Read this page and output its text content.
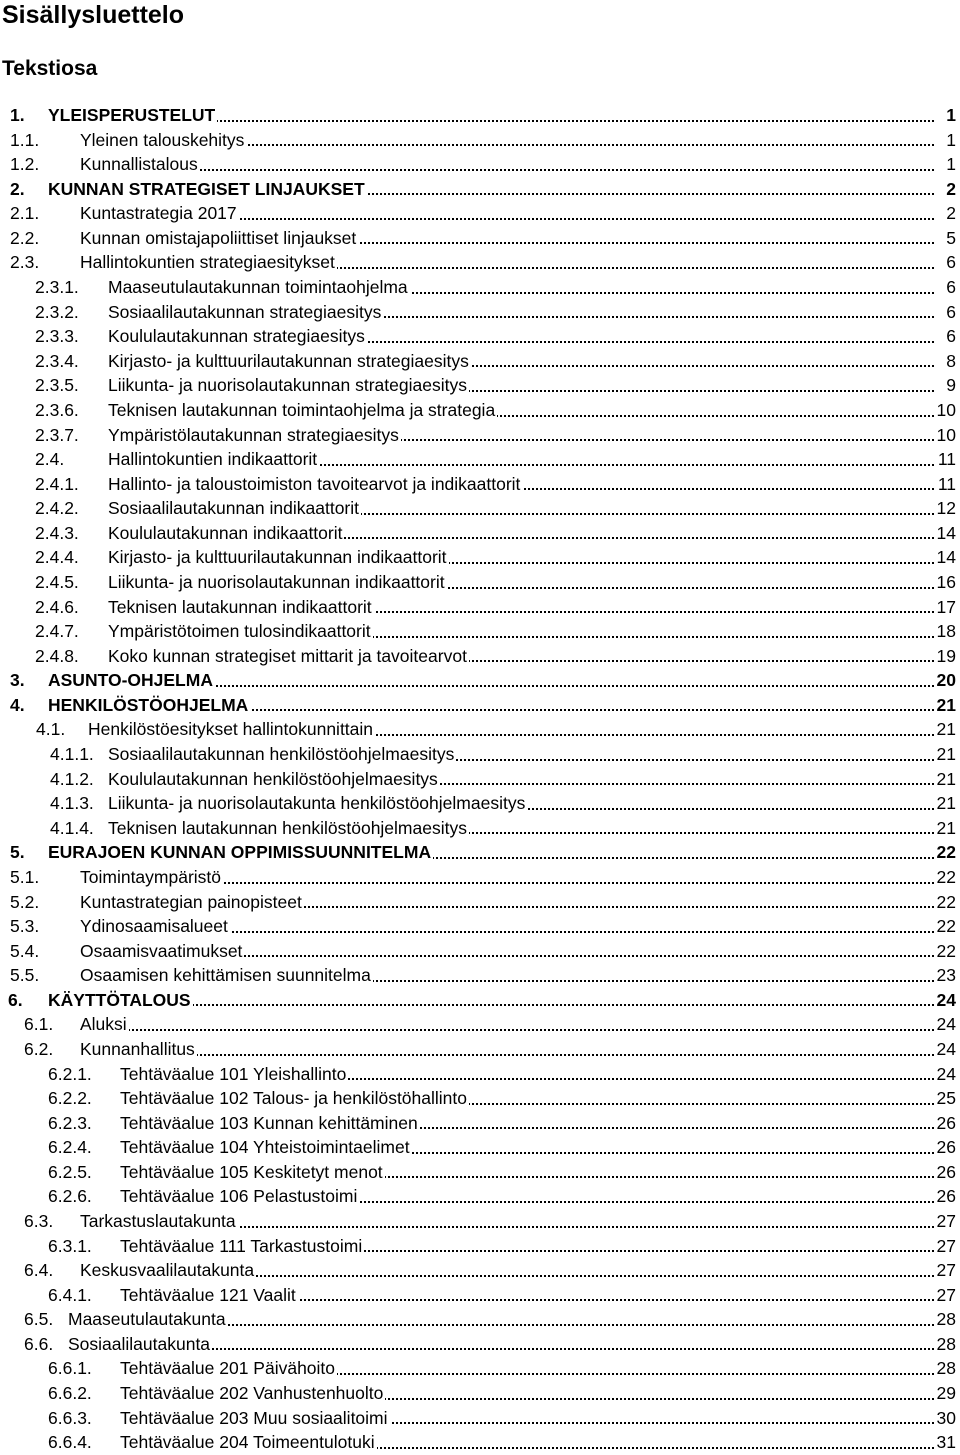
Sisällysluettelo
Tekstiosa
1. YLEISPERUSTELUT	1
1.1. Yleinen talouskehitys	1
1.2. Kunnallistalous	1
2. KUNNAN STRATEGISET LINJAUKSET	2
2.1. Kuntastrategia 2017	2
2.2. Kunnan omistajapoliittiset linjaukset	5
2.3. Hallintokuntien strategiaesitykset	6
2.3.1. Maaseutulautakunnan toimintaohjelma	6
2.3.2. Sosiaalilautakunnan strategiaesitys	6
2.3.3. Koululautakunnan strategiaesitys	6
2.3.4. Kirjasto- ja kulttuurilautakunnan strategiaesitys	8
2.3.5. Liikunta- ja nuorisolautakunnan strategiaesitys	9
2.3.6. Teknisen lautakunnan toimintaohjelma ja strategia	10
2.3.7. Ympäristölautakunnan strategiaesitys	10
2.4.	Hallintokuntien indikaattorit	11
2.4.1. Hallinto- ja taloustoimiston tavoitearvot ja indikaattorit	11
2.4.2. Sosiaalilautakunnan indikaattorit	12
2.4.3. Koululautakunnan indikaattorit	14
2.4.4. Kirjasto- ja kulttuurilautakunnan indikaattorit	14
2.4.5. Liikunta- ja nuorisolautakunnan indikaattorit	16
2.4.6. Teknisen lautakunnan indikaattorit	17
2.4.7. Ympäristötoimen tulosindikaattorit	18
2.4.8. Koko kunnan strategiset mittarit ja tavoitearvot	19
3. ASUNTO-OHJELMA	20
4. HENKILÖSTÖOHJELMA	21
4.1. Henkilöstöesitykset hallintokunnittain	21
4.1.1. Sosiaalilautakunnan henkilöstöohjelmaesitys	21
4.1.2. Koululautakunnan henkilöstöohjelmaesitys	21
4.1.3. Liikunta- ja nuorisolautakunta henkilöstöohjelmaesitys	21
4.1.4. Teknisen lautakunnan henkilöstöohjelmaesitys	21
5. EURAJOEN KUNNAN OPPIMISSUUNNITELMA	22
5.1. Toimintaympäristö	22
5.2. Kuntastrategian painopisteet	22
5.3. Ydinosaamisalueet	22
5.4. Osaamisvaatimukset	22
5.5. Osaamisen kehittämisen suunnitelma	23
6. KÄYTTÖTALOUS	24
6.1. Aluksi	24
6.2. Kunnanhallitus	24
6.2.1. Tehtäväalue 101 Yleishallinto	24
6.2.2. Tehtäväalue 102 Talous- ja henkilöstöhallinto	25
6.2.3. Tehtäväalue 103 Kunnan kehittäminen	26
6.2.4. Tehtäväalue 104 Yhteistoimintaelimet	26
6.2.5. Tehtäväalue 105 Keskitetyt menot	26
6.2.6. Tehtäväalue 106 Pelastustoimi	26
6.3. Tarkastuslautakunta	27
6.3.1. Tehtäväalue 111 Tarkastustoimi	27
6.4. Keskusvaalilautakunta	27
6.4.1. Tehtäväalue 121 Vaalit	27
6.5. Maaseutulautakunta	28
6.6. Sosiaalilautakunta	28
6.6.1. Tehtäväalue 201 Päivähoito	28
6.6.2. Tehtäväalue 202 Vanhustenhuolto	29
6.6.3. Tehtäväalue 203 Muu sosiaalitoimi	30
6.6.4. Tehtäväalue 204 Toimeentulotuki	31
